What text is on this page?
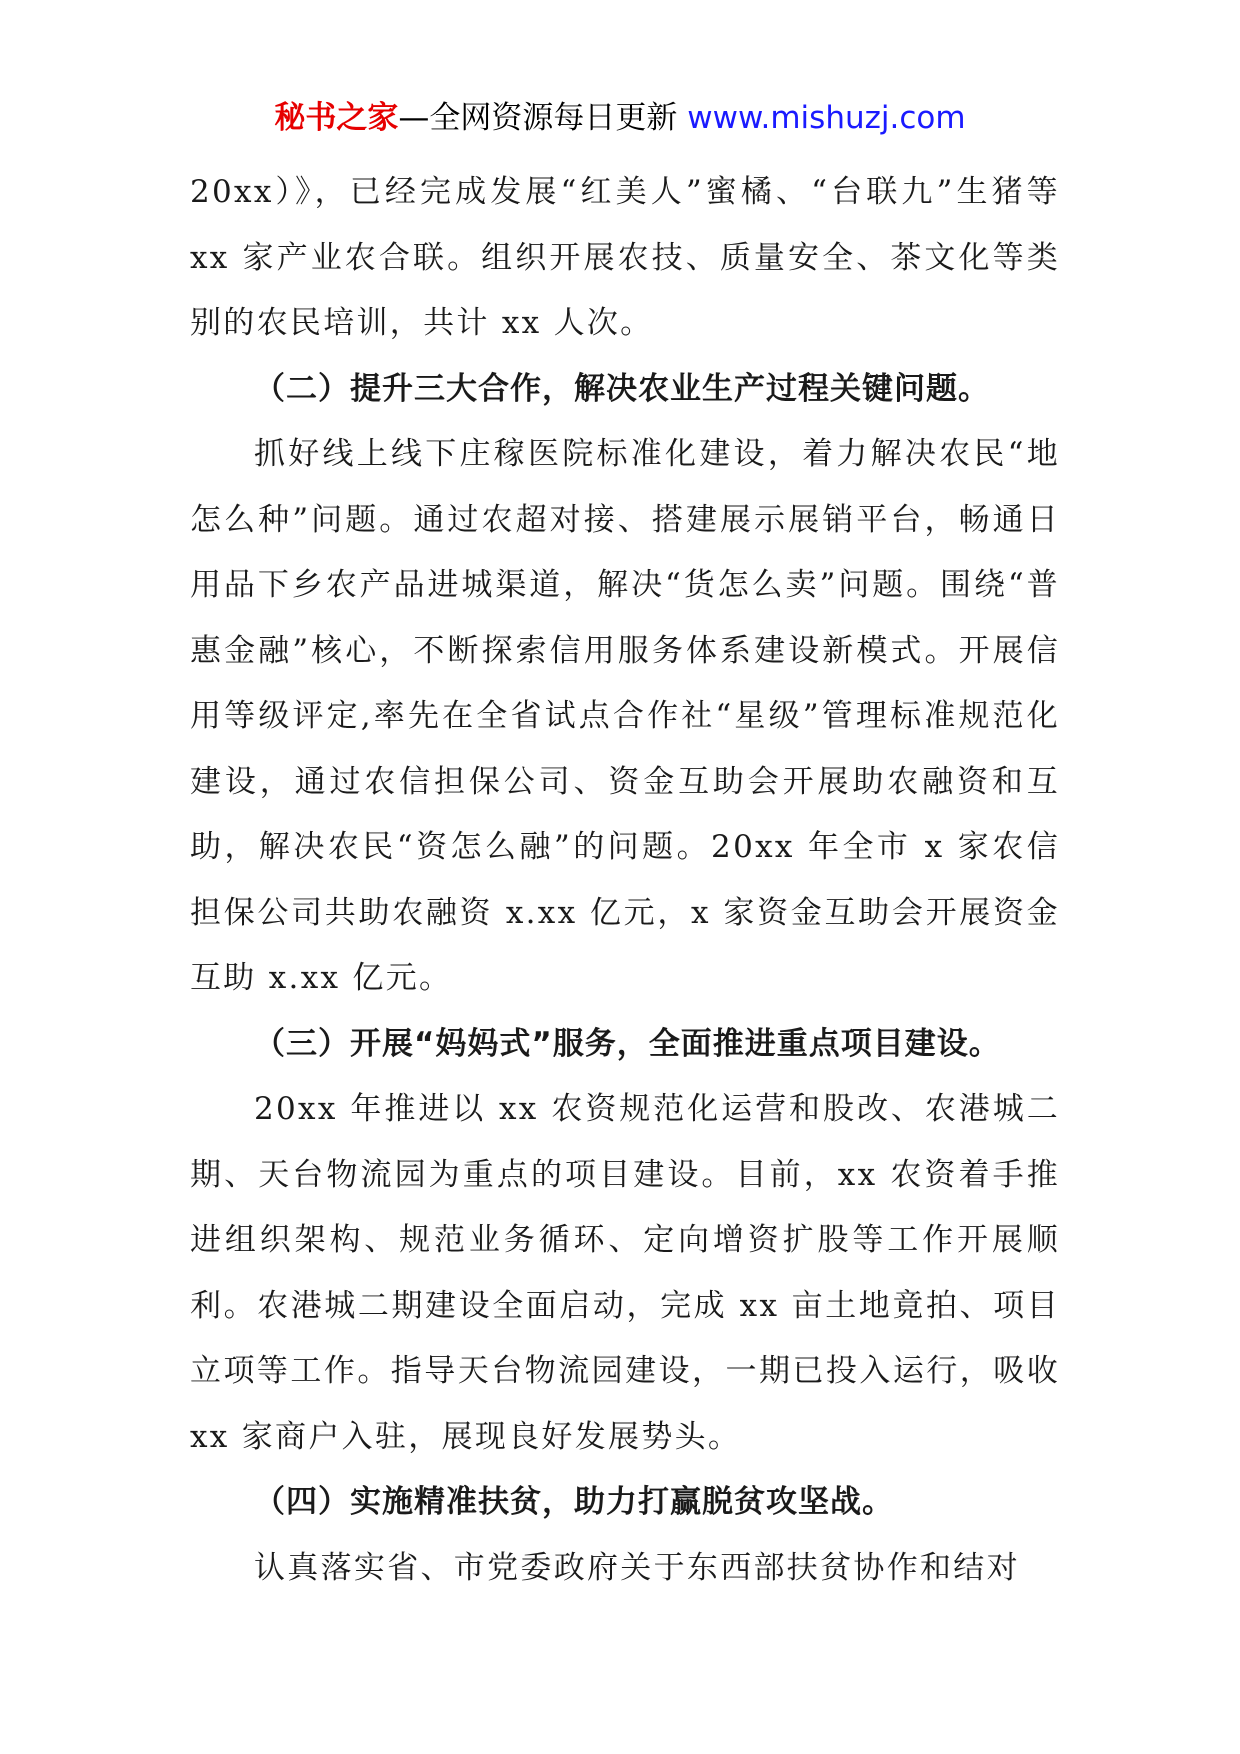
秘书之家—全网资源每日更新 www.mishuzj.com

20xx）》，已经完成发展“红美人”蜜橘、“台联九”生猪等 xx 家产业农合联。组织开展农技、质量安全、茶文化等类别的农民培训，共计 xx 人次。

（二）提升三大合作，解决农业生产过程关键问题。

抓好线上线下庄稼医院标准化建设，着力解决农民“地怎么种”问题。通过农超对接、搭建展示展销平台，畅通日用品下乡农产品进城渠道，解决“货怎么卖”问题。围绕“普惠金融”核心，不断探索信用服务体系建设新模式。开展信用等级评定,率先在全省试点合作社“星级”管理标准规范化建设，通过农信担保公司、资金互助会开展助农融资和互助，解决农民“资怎么融”的问题。20xx 年全市 x 家农信担保公司共助农融资 x.xx 亿元，x 家资金互助会开展资金互助 x.xx 亿元。

（三）开展“妈妈式”服务，全面推进重点项目建设。

20xx 年推进以 xx 农资规范化运营和股改、农港城二期、天台物流园为重点的项目建设。目前，xx 农资着手推进组织架构、规范业务循环、定向增资扩股等工作开展顺利。农港城二期建设全面启动，完成 xx 亩土地竟拍、项目立项等工作。指导天台物流园建设，一期已投入运行，吸收 xx 家商户入驻，展现良好发展势头。

（四）实施精准扶贫，助力打赢脱贫攻坚战。

认真落实省、市党委政府关于东西部扶贫协作和结对
